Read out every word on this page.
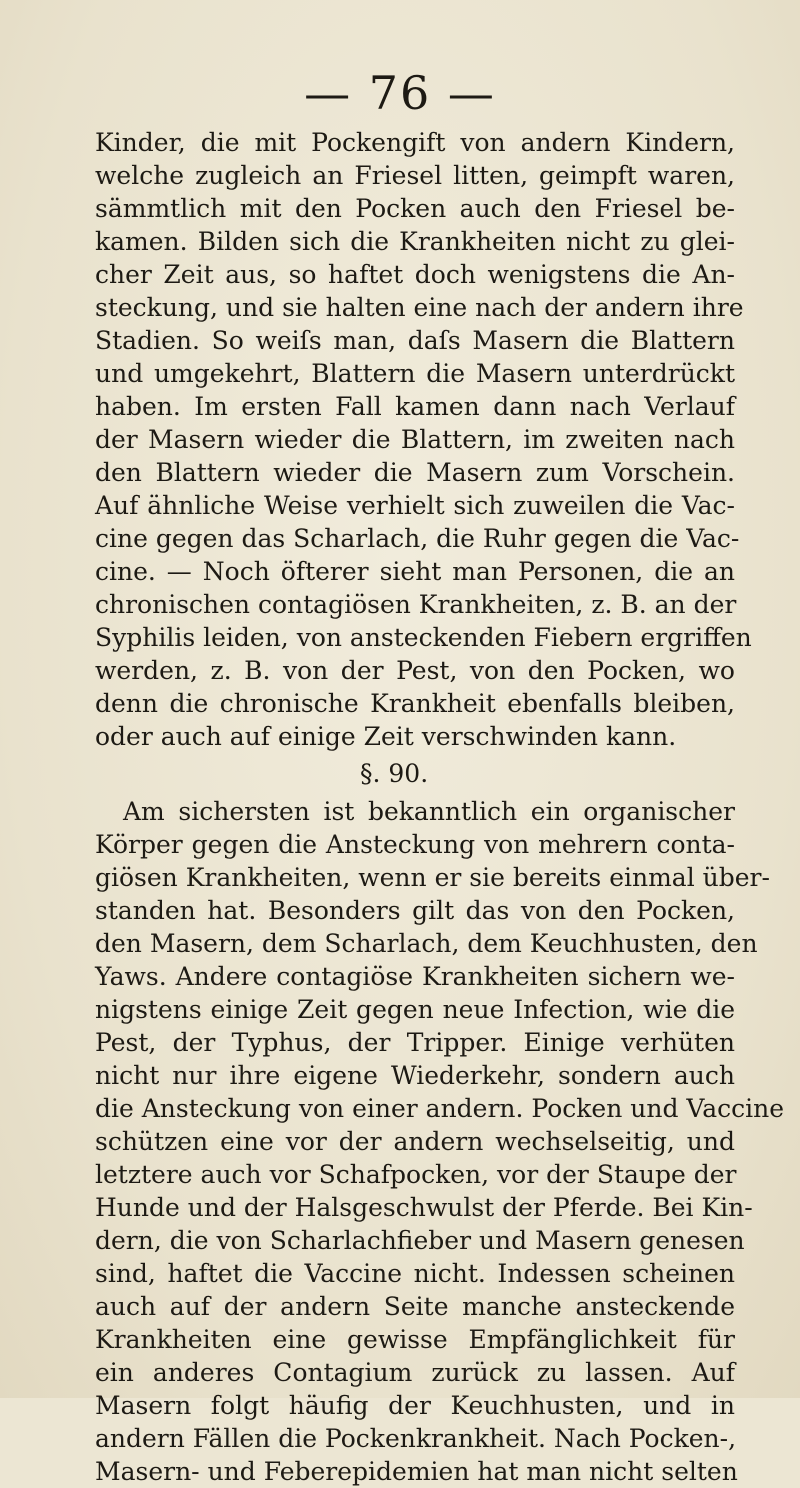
— 76 —
Kinder, die mit Pockengift von andern Kindern,
welche zugleich an Friesel litten, geimpft waren,
sämmtlich mit den Pocken auch den Friesel be-
kamen. Bilden sich die Krankheiten nicht zu glei-
cher Zeit aus, so haftet doch wenigstens die An-
steckung, und sie halten eine nach der andern ihre
Stadien. So weiſs man, daſs Masern die Blattern
und umgekehrt, Blattern die Masern unterdrückt
haben. Im ersten Fall kamen dann nach Verlauf
der Masern wieder die Blattern, im zweiten nach
den Blattern wieder die Masern zum Vorschein.
Auf ähnliche Weise verhielt sich zuweilen die Vac-
cine gegen das Scharlach, die Ruhr gegen die Vac-
cine. — Noch öfterer sieht man Personen, die an
chronischen contagiösen Krankheiten, z. B. an der
Syphilis leiden, von ansteckenden Fiebern ergriffen
werden, z. B. von der Pest, von den Pocken, wo
denn die chronische Krankheit ebenfalls bleiben,
oder auch auf einige Zeit verschwinden kann.
§. 90.
Am sichersten ist bekanntlich ein organischer
Körper gegen die Ansteckung von mehrern conta-
giösen Krankheiten, wenn er sie bereits einmal über-
standen hat. Besonders gilt das von den Pocken,
den Masern, dem Scharlach, dem Keuchhusten, den
Yaws. Andere contagiöse Krankheiten sichern we-
nigstens einige Zeit gegen neue Infection, wie die
Pest, der Typhus, der Tripper. Einige verhüten
nicht nur ihre eigene Wiederkehr, sondern auch
die Ansteckung von einer andern. Pocken und Vaccine
schützen eine vor der andern wechselseitig, und
letztere auch vor Schafpocken, vor der Staupe der
Hunde und der Halsgeschwulst der Pferde. Bei Kin-
dern, die von Scharlachfieber und Masern genesen
sind, haftet die Vaccine nicht. Indessen scheinen
auch auf der andern Seite manche ansteckende
Krankheiten eine gewisse Empfänglichkeit für
ein anderes Contagium zurück zu lassen. Auf
Masern folgt häufig der Keuchhusten, und in
andern Fällen die Pockenkrankheit. Nach Pocken-,
Masern- und Feberepidemien hat man nicht selten
